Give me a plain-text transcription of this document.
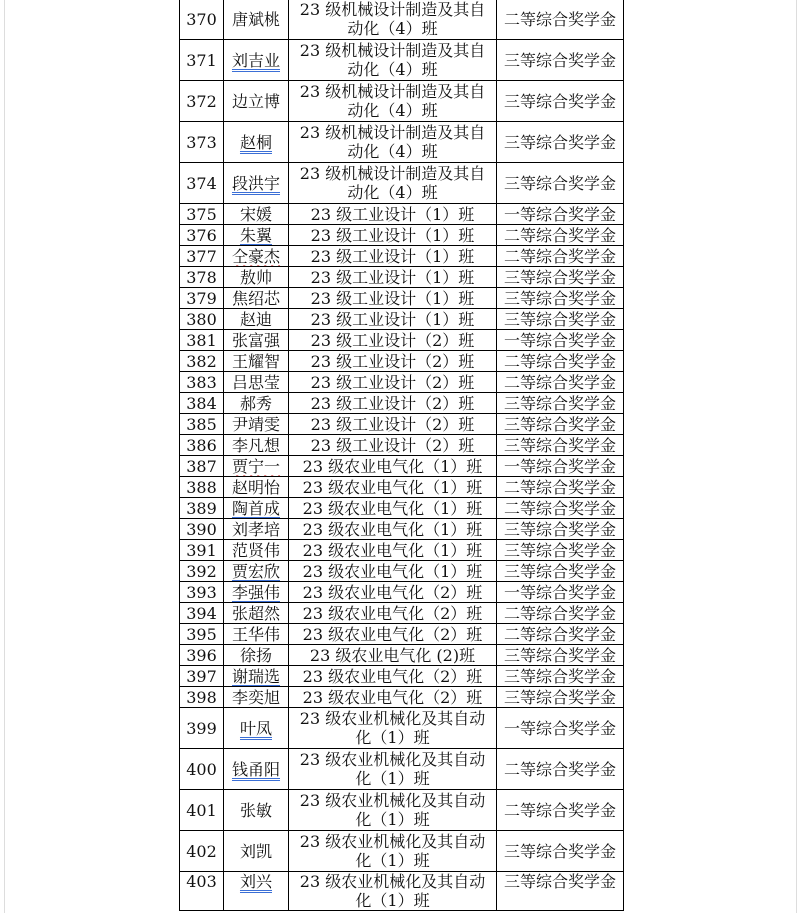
370	唐斌桃	23 级机械设计制造及其自动化（4）班	二等综合奖学金
371	刘吉业	23 级机械设计制造及其自动化（4）班	三等综合奖学金
372	边立博	23 级机械设计制造及其自动化（4）班	三等综合奖学金
373	赵桐	23 级机械设计制造及其自动化（4）班	三等综合奖学金
374	段洪宇	23 级机械设计制造及其自动化（4）班	三等综合奖学金
375	宋媛	23 级工业设计（1）班	一等综合奖学金
376	朱翼	23 级工业设计（1）班	二等综合奖学金
377	仝豪杰	23 级工业设计（1）班	二等综合奖学金
378	敖帅	23 级工业设计（1）班	三等综合奖学金
379	焦绍芯	23 级工业设计（1）班	三等综合奖学金
380	赵迪	23 级工业设计（1）班	三等综合奖学金
381	张富强	23 级工业设计（2）班	一等综合奖学金
382	王耀智	23 级工业设计（2）班	二等综合奖学金
383	吕思莹	23 级工业设计（2）班	二等综合奖学金
384	郝秀	23 级工业设计（2）班	三等综合奖学金
385	尹靖雯	23 级工业设计（2）班	三等综合奖学金
386	李凡想	23 级工业设计（2）班	三等综合奖学金
387	贾宁一	23 级农业电气化（1）班	一等综合奖学金
388	赵明怡	23 级农业电气化（1）班	二等综合奖学金
389	陶首成	23 级农业电气化（1）班	二等综合奖学金
390	刘孝培	23 级农业电气化（1）班	三等综合奖学金
391	范贤伟	23 级农业电气化（1）班	三等综合奖学金
392	贾宏欣	23 级农业电气化（1）班	三等综合奖学金
393	李强伟	23 级农业电气化（2）班	一等综合奖学金
394	张超然	23 级农业电气化（2）班	二等综合奖学金
395	王华伟	23 级农业电气化（2）班	二等综合奖学金
396	徐扬	23 级农业电气化 (2)班	三等综合奖学金
397	谢瑞选	23 级农业电气化（2）班	三等综合奖学金
398	李奕旭	23 级农业电气化（2）班	三等综合奖学金
399	叶凤	23 级农业机械化及其自动化（1）班	一等综合奖学金
400	钱甬阳	23 级农业机械化及其自动化（1）班	二等综合奖学金
401	张敏	23 级农业机械化及其自动化（1）班	二等综合奖学金
402	刘凯	23 级农业机械化及其自动化（1）班	三等综合奖学金
403	刘兴	23 级农业机械化及其自动化（1）班	三等综合奖学金
